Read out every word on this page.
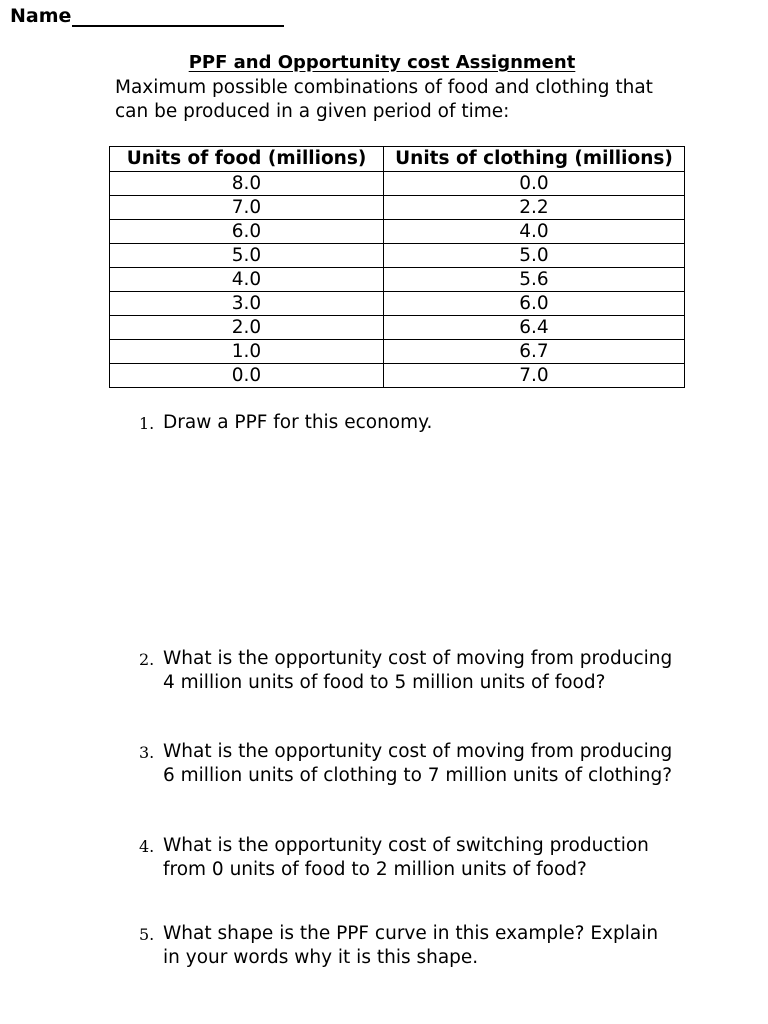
Name
PPF and Opportunity cost Assignment
Maximum possible combinations of food and clothing that can be produced in a given period of time:
Units of food (millions)	Units of clothing (millions)
8.0	0.0
7.0	2.2
6.0	4.0
5.0	5.0
4.0	5.6
3.0	6.0
2.0	6.4
1.0	6.7
0.0	7.0
1. Draw a PPF for this economy.
2. What is the opportunity cost of moving from producing 4 million units of food to 5 million units of food?
3. What is the opportunity cost of moving from producing 6 million units of clothing to 7 million units of clothing?
4. What is the opportunity cost of switching production from 0 units of food to 2 million units of food?
5. What shape is the PPF curve in this example? Explain in your words why it is this shape.
